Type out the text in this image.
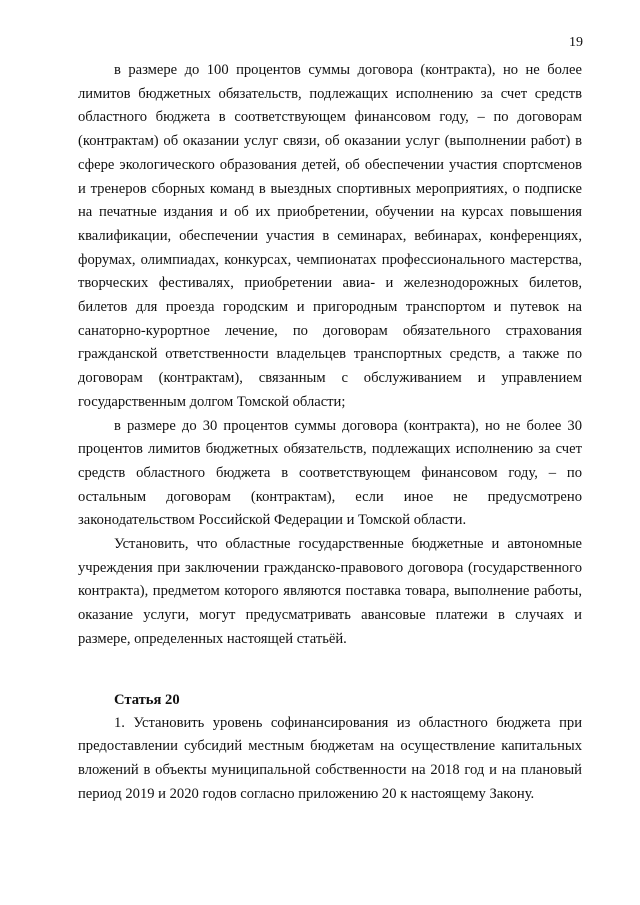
19

в размере до 100 процентов суммы договора (контракта), но не более лимитов бюджетных обязательств, подлежащих исполнению за счет средств областного бюджета в соответствующем финансовом году, – по договорам (контрактам) об оказании услуг связи, об оказании услуг (выполнении работ) в сфере экологического образования детей, об обеспечении участия спортсменов и тренеров сборных команд в выездных спортивных мероприятиях, о подписке на печатные издания и об их приобретении, обучении на курсах повышения квалификации, обеспечении участия в семинарах, вебинарах, конференциях, форумах, олимпиадах, конкурсах, чемпионатах профессионального мастерства, творческих фестивалях, приобретении авиа- и железнодорожных билетов, билетов для проезда городским и пригородным транспортом и путевок на санаторно-курортное лечение, по договорам обязательного страхования гражданской ответственности владельцев транспортных средств, а также по договорам (контрактам), связанным с обслуживанием и управлением государственным долгом Томской области;

в размере до 30 процентов суммы договора (контракта), но не более 30 процентов лимитов бюджетных обязательств, подлежащих исполнению за счет средств областного бюджета в соответствующем финансовом году, – по остальным договорам (контрактам), если иное не предусмотрено законодательством Российской Федерации и Томской области.

Установить, что областные государственные бюджетные и автономные учреждения при заключении гражданско-правового договора (государственного контракта), предметом которого являются поставка товара, выполнение работы, оказание услуги, могут предусматривать авансовые платежи в случаях и размере, определенных настоящей статьёй.

Статья 20

1. Установить уровень софинансирования из областного бюджета при предоставлении субсидий местным бюджетам на осуществление капитальных вложений в объекты муниципальной собственности на 2018 год и на плановый период 2019 и 2020 годов согласно приложению 20 к настоящему Закону.
